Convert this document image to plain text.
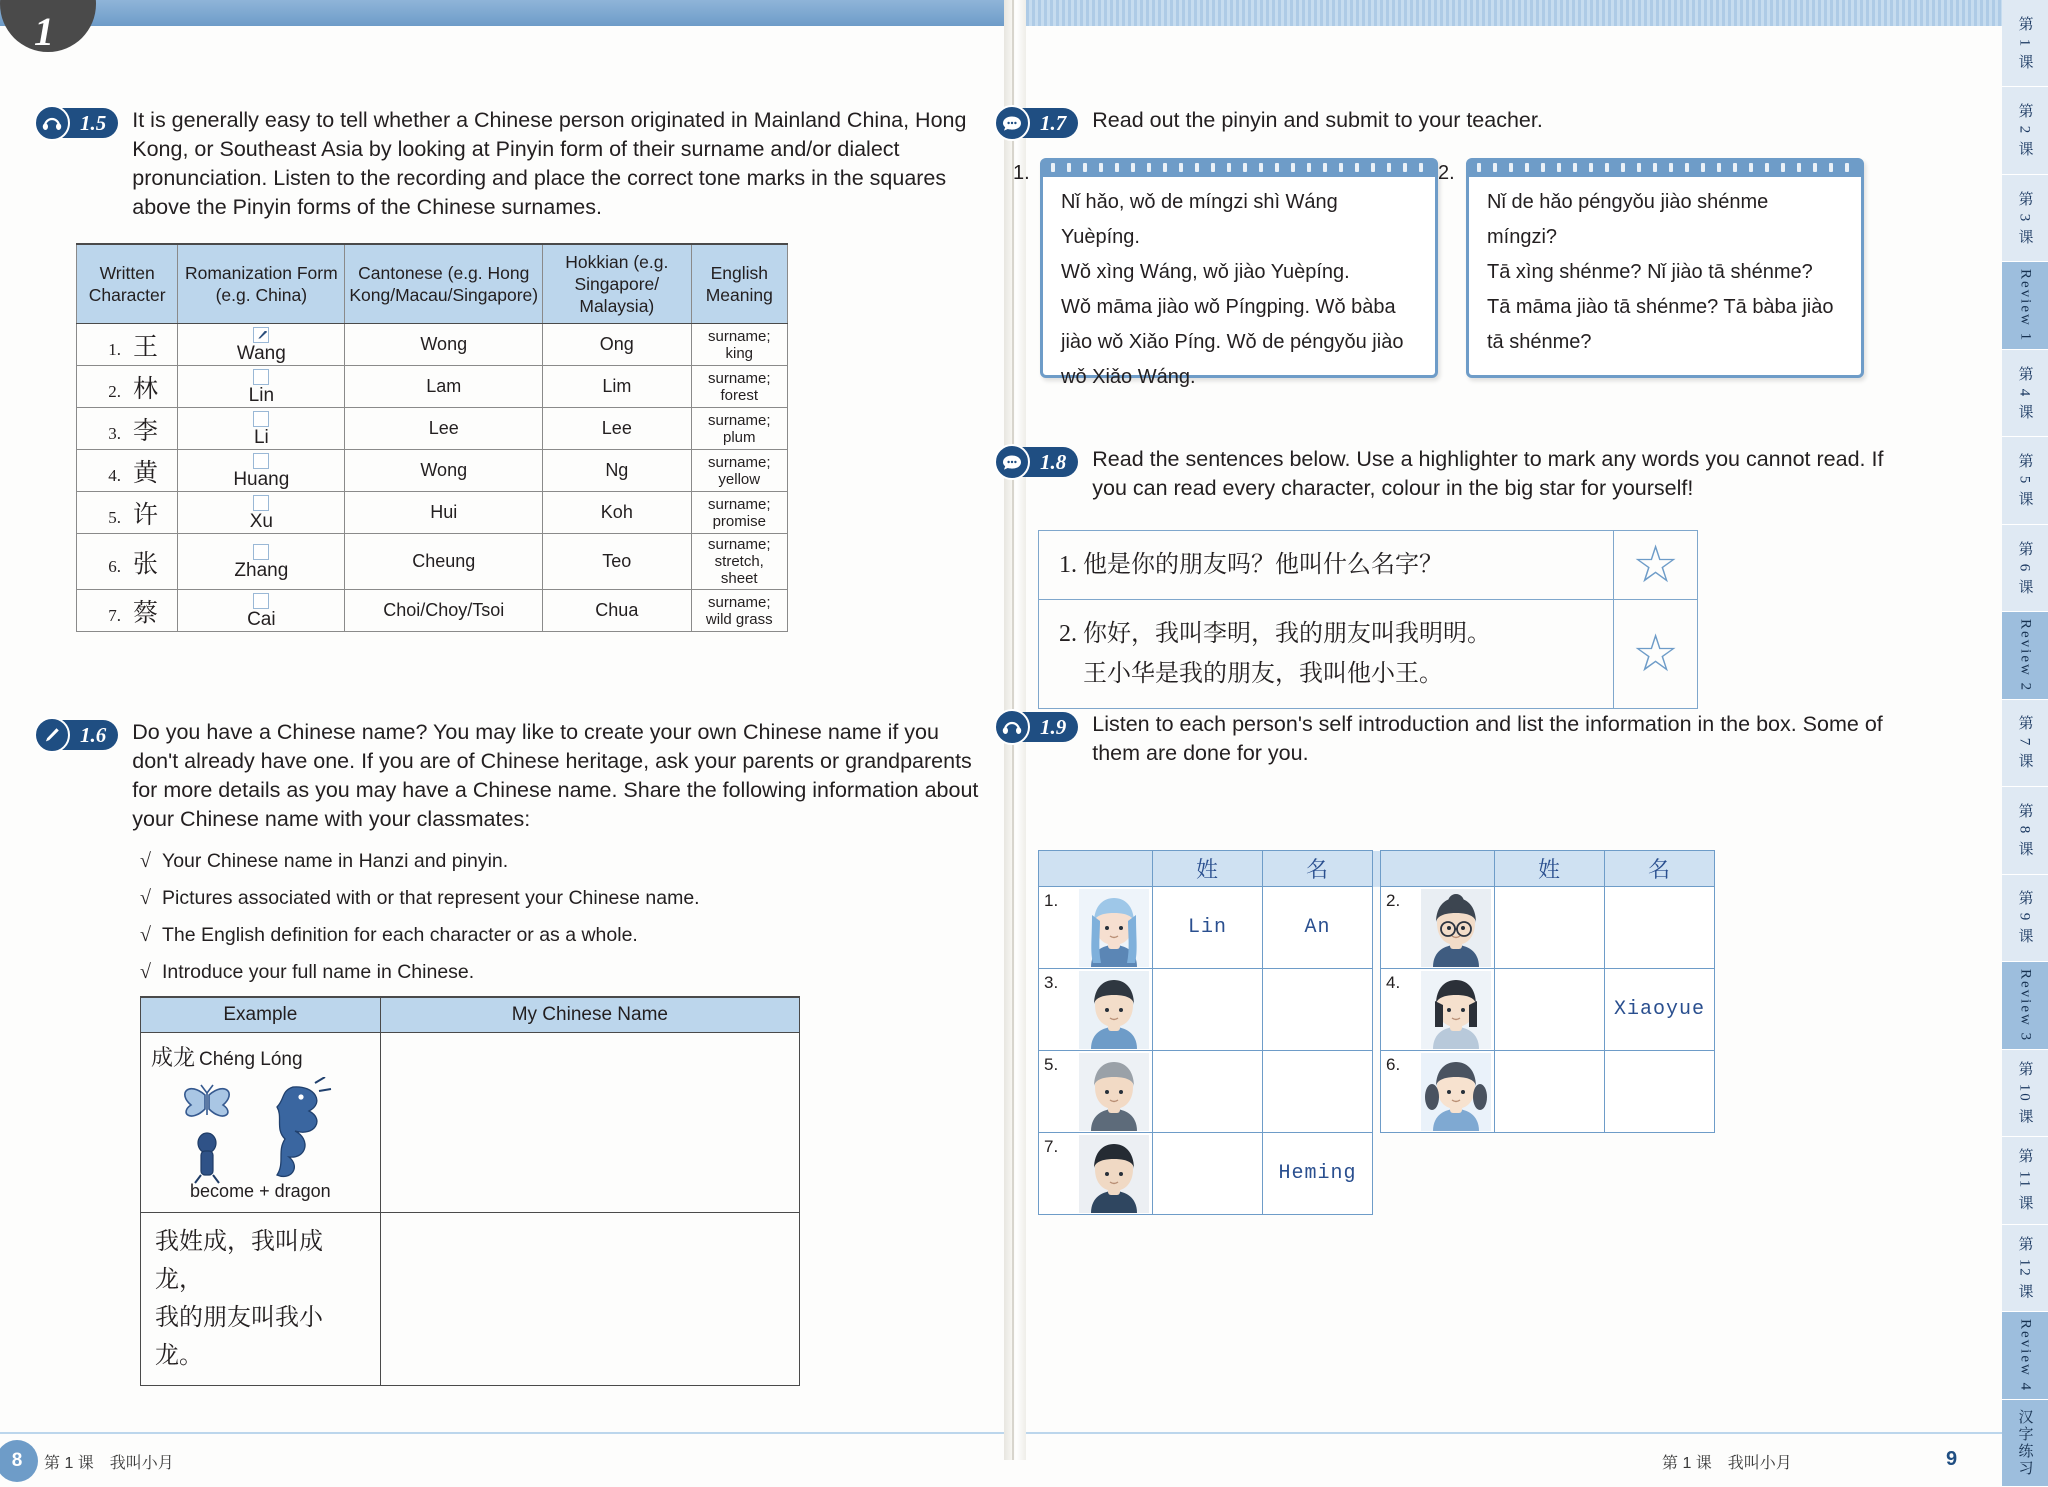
1
1.5 It is generally easy to tell whether a Chinese person originated in Mainland China, Hong Kong, or Southeast Asia by looking at Pinyin form of their surname and/or dialect pronunciation. Listen to the recording and place the correct tone marks in the squares above the Pinyin forms of the Chinese surnames.
Written Character	Romanization Form (e.g. China)	Cantonese (e.g. Hong Kong/Macau/Singapore)	Hokkian (e.g. Singapore/ Malaysia)	English Meaning
1. 王	Wang	Wong	Ong	surname;
king
2. 林	Lin	Lam	Lim	surname;
forest
3. 李	Li	Lee	Lee	surname;
plum
4. 黄	Huang	Wong	Ng	surname;
yellow
5. 许	Xu	Hui	Koh	surname;
promise
6. 张	Zhang	Cheung	Teo	surname;
stretch, sheet
7. 蔡	Cai	Choi/Choy/Tsoi	Chua	surname;
wild grass
1.6 Do you have a Chinese name? You may like to create your own Chinese name if you don't already have one. If you are of Chinese heritage, ask your parents or grandparents for more details as you may have a Chinese name. Share the following information about your Chinese name with your classmates:
√ Your Chinese name in Hanzi and pinyin.
√ Pictures associated with or that represent your Chinese name.
√ The English definition for each character or as a whole.
√ Introduce your full name in Chinese.
Example	My Chinese Name

成龙 Chéng Lóng
become + dragon	

我姓成，我叫成龙，
我的朋友叫我小龙。	

8 第 1 课　我叫小月
1.7 Read out the pinyin and submit to your teacher.
1.
Nǐ hǎo, wǒ de míngzi shì Wáng Yuèpíng.
Wǒ xìng Wáng, wǒ jiào Yuèpíng.
Wǒ māma jiào wǒ Píngping. Wǒ bàba
jiào wǒ Xiǎo Píng. Wǒ de péngyǒu jiào
wǒ Xiǎo Wáng.
2.
Nǐ de hǎo péngyǒu jiào shénme míngzi?
Tā xìng shénme? Nǐ jiào tā shénme?
Tā māma jiào tā shénme? Tā bàba jiào
tā shénme?
1.8 Read the sentences below. Use a highlighter to mark any words you cannot read. If you can read every character, colour in the big star for yourself!
1. 他是你的朋友吗？他叫什么名字？	☆

2. 你好，我叫李明，我的朋友叫我明明。
　王小华是我的朋友，我叫他小王。	☆
1.9 Listen to each person's self introduction and list the information in the box. Some of them are done for you.
		姓	名				姓	名
1.		Lin	An		2.	

3.					4.			Xiaoyue
5.					6.	

7.			Heming					
第 1 课　我叫小月	9
第 1 课
第 2 课
第 3 课
Review 1
第 4 课
第 5 课
第 6 课
Review 2
第 7 课
第 8 课
第 9 课
Review 3
第 10 课
第 11 课
第 12 课
Review 4
汉字练习
